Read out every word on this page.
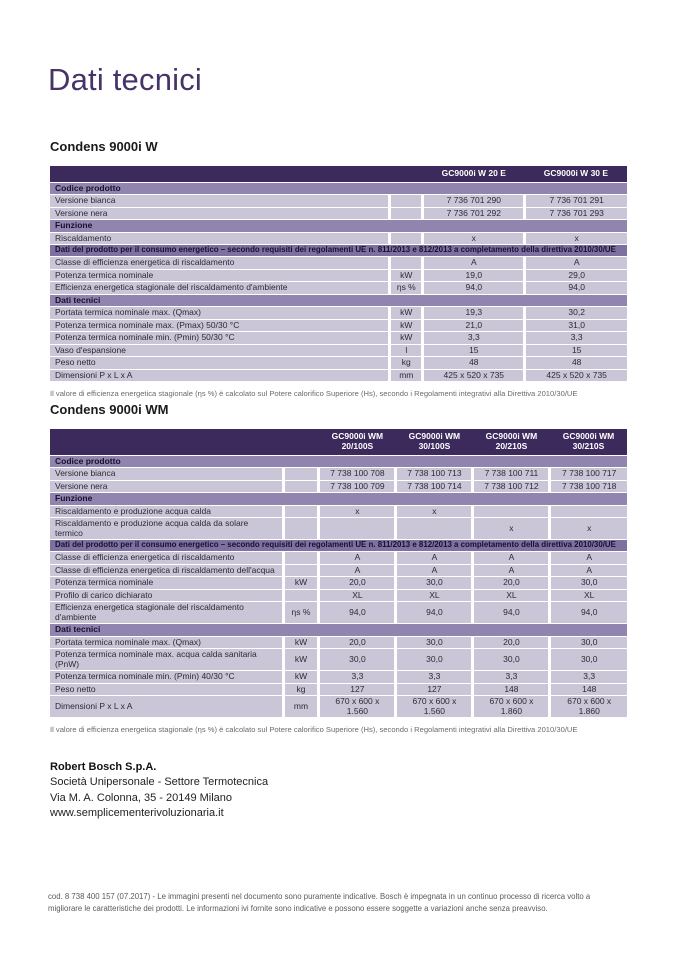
Dati tecnici
Condens 9000i W
		GC9000i W 20 E	GC9000i W 30 E
Codice prodotto			
Versione bianca		7 736 701 290	7 736 701 291
Versione nera		7 736 701 292	7 736 701 293
Funzione			
Riscaldamento		x	x
Dati del prodotto per il consumo energetico – secondo requisiti dei regolamenti UE n. 811/2013 e 812/2013 a completamento della direttiva 2010/30/UE			
Classe di efficienza energetica di riscaldamento		A	A
Potenza termica nominale	kW	19,0	29,0
Efficienza energetica stagionale del riscaldamento d'ambiente	ηs %	94,0	94,0
Dati tecnici			
Portata termica nominale max. (Qmax)	kW	19,3	30,2
Potenza termica nominale max. (Pmax) 50/30 °C	kW	21,0	31,0
Potenza termica nominale min. (Pmin) 50/30 °C	kW	3,3	3,3
Vaso d'espansione	l	15	15
Peso netto	kg	48	48
Dimensioni P x L x A	mm	425 x 520 x 735	425 x 520 x 735

Il valore di efficienza energetica stagionale (ηs %) è calcolato sul Potere calorifico Superiore (Hs), secondo i Regolamenti integrativi alla Direttiva 2010/30/UE

Condens 9000i WM
		GC9000i WM 20/100S	GC9000i WM 30/100S	GC9000i WM 20/210S	GC9000i WM 30/210S
Codice prodotto					
Versione bianca		7 738 100 708	7 738 100 713	7 738 100 711	7 738 100 717
Versione nera		7 738 100 709	7 738 100 714	7 738 100 712	7 738 100 718
Funzione					
Riscaldamento e produzione acqua calda		x	x		
Riscaldamento e produzione acqua calda da solare termico				x	x
Dati del prodotto per il consumo energetico – secondo requisiti dei regolamenti UE n. 811/2013 e 812/2013 a completamento della direttiva 2010/30/UE					
Classe di efficienza energetica di riscaldamento		A	A	A	A
Classe di efficienza energetica di riscaldamento dell'acqua		A	A	A	A
Potenza termica nominale	kW	20,0	30,0	20,0	30,0
Profilo di carico dichiarato		XL	XL	XL	XL
Efficienza energetica stagionale del riscaldamento d'ambiente	ηs %	94,0	94,0	94,0	94,0
Dati tecnici					
Portata termica nominale max. (Qmax)	kW	20,0	30,0	20,0	30,0
Potenza termica nominale max. acqua calda sanitaria (PnW)	kW	30,0	30,0	30,0	30,0
Potenza termica nominale min. (Pmin) 40/30 °C	kW	3,3	3,3	3,3	3,3
Peso netto	kg	127	127	148	148
Dimensioni P x L x A	mm	670 x 600 x 1.560	670 x 600 x 1.560	670 x 600 x 1.860	670 x 600 x 1.860

Il valore di efficienza energetica stagionale (ηs %) è calcolato sul Potere calorifico Superiore (Hs), secondo i Regolamenti integrativi alla Direttiva 2010/30/UE

Robert Bosch S.p.A.
Società Unipersonale - Settore Termotecnica
Via M. A. Colonna, 35 - 20149 Milano
www.semplicementerivoluzionaria.it
cod. 8 738 400 157 (07.2017) - Le immagini presenti nel documento sono puramente indicative. Bosch è impegnata in un continuo processo di ricerca volto a migliorare le caratteristiche dei prodotti. Le informazioni ivi fornite sono indicative e possono essere soggette a variazioni anche senza preavviso.
